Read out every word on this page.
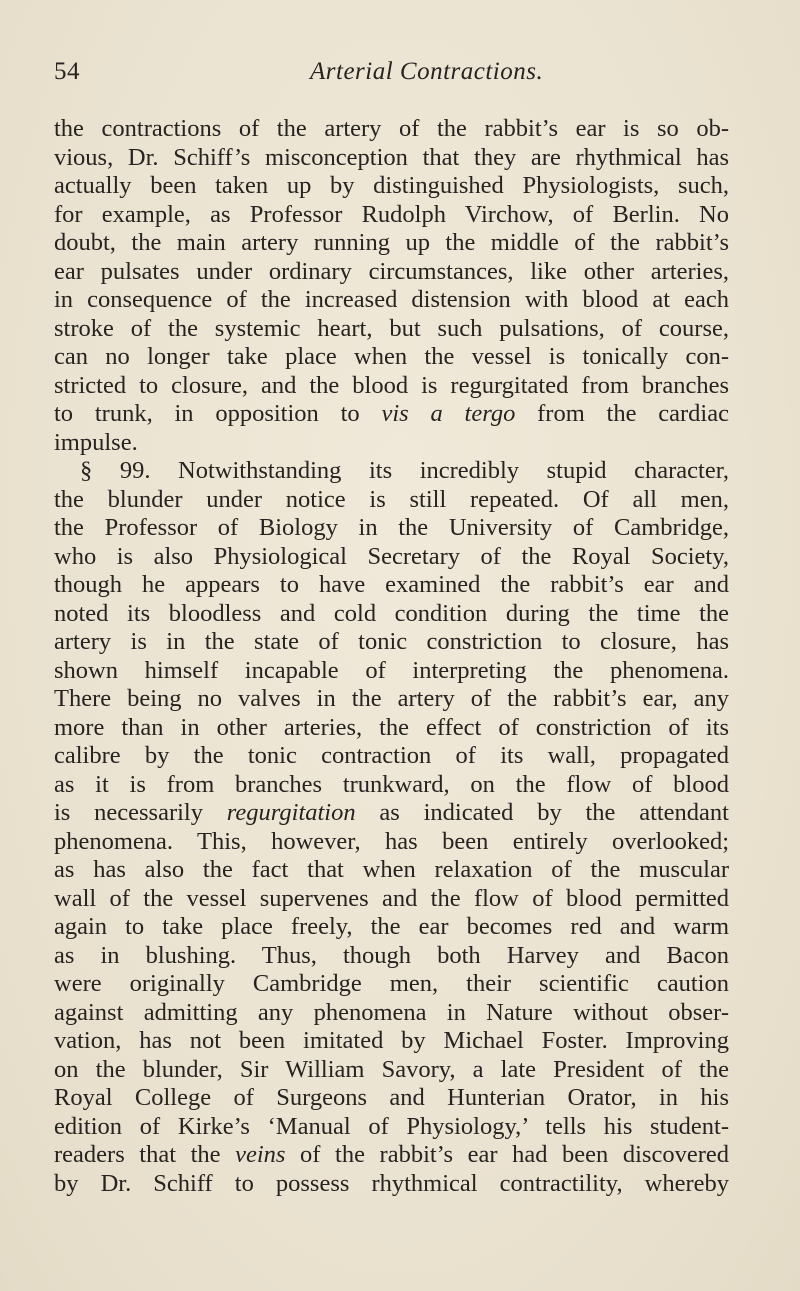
54	Arterial Contractions.
the contractions of the artery of the rabbit’s ear is so ob-
vious, Dr. Schiff’s misconception that they are rhythmical has
actually been taken up by distinguished Physiologists, such,
for example, as Professor Rudolph Virchow, of Berlin. No
doubt, the main artery running up the middle of the rabbit’s
ear pulsates under ordinary circumstances, like other arteries,
in consequence of the increased distension with blood at each
stroke of the systemic heart, but such pulsations, of course,
can no longer take place when the vessel is tonically con-
stricted to closure, and the blood is regurgitated from branches
to trunk, in opposition to vis a tergo from the cardiac
impulse.
§ 99. Notwithstanding its incredibly stupid character,
the blunder under notice is still repeated. Of all men,
the Professor of Biology in the University of Cambridge,
who is also Physiological Secretary of the Royal Society,
though he appears to have examined the rabbit’s ear and
noted its bloodless and cold condition during the time the
artery is in the state of tonic constriction to closure, has
shown himself incapable of interpreting the phenomena.
There being no valves in the artery of the rabbit’s ear, any
more than in other arteries, the effect of constriction of its
calibre by the tonic contraction of its wall, propagated
as it is from branches trunkward, on the flow of blood
is necessarily regurgitation as indicated by the attendant
phenomena. This, however, has been entirely overlooked;
as has also the fact that when relaxation of the muscular
wall of the vessel supervenes and the flow of blood permitted
again to take place freely, the ear becomes red and warm
as in blushing. Thus, though both Harvey and Bacon
were originally Cambridge men, their scientific caution
against admitting any phenomena in Nature without obser-
vation, has not been imitated by Michael Foster. Improving
on the blunder, Sir William Savory, a late President of the
Royal College of Surgeons and Hunterian Orator, in his
edition of Kirke’s ‘Manual of Physiology,’ tells his student-
readers that the veins of the rabbit’s ear had been discovered
by Dr. Schiff to possess rhythmical contractility, whereby
